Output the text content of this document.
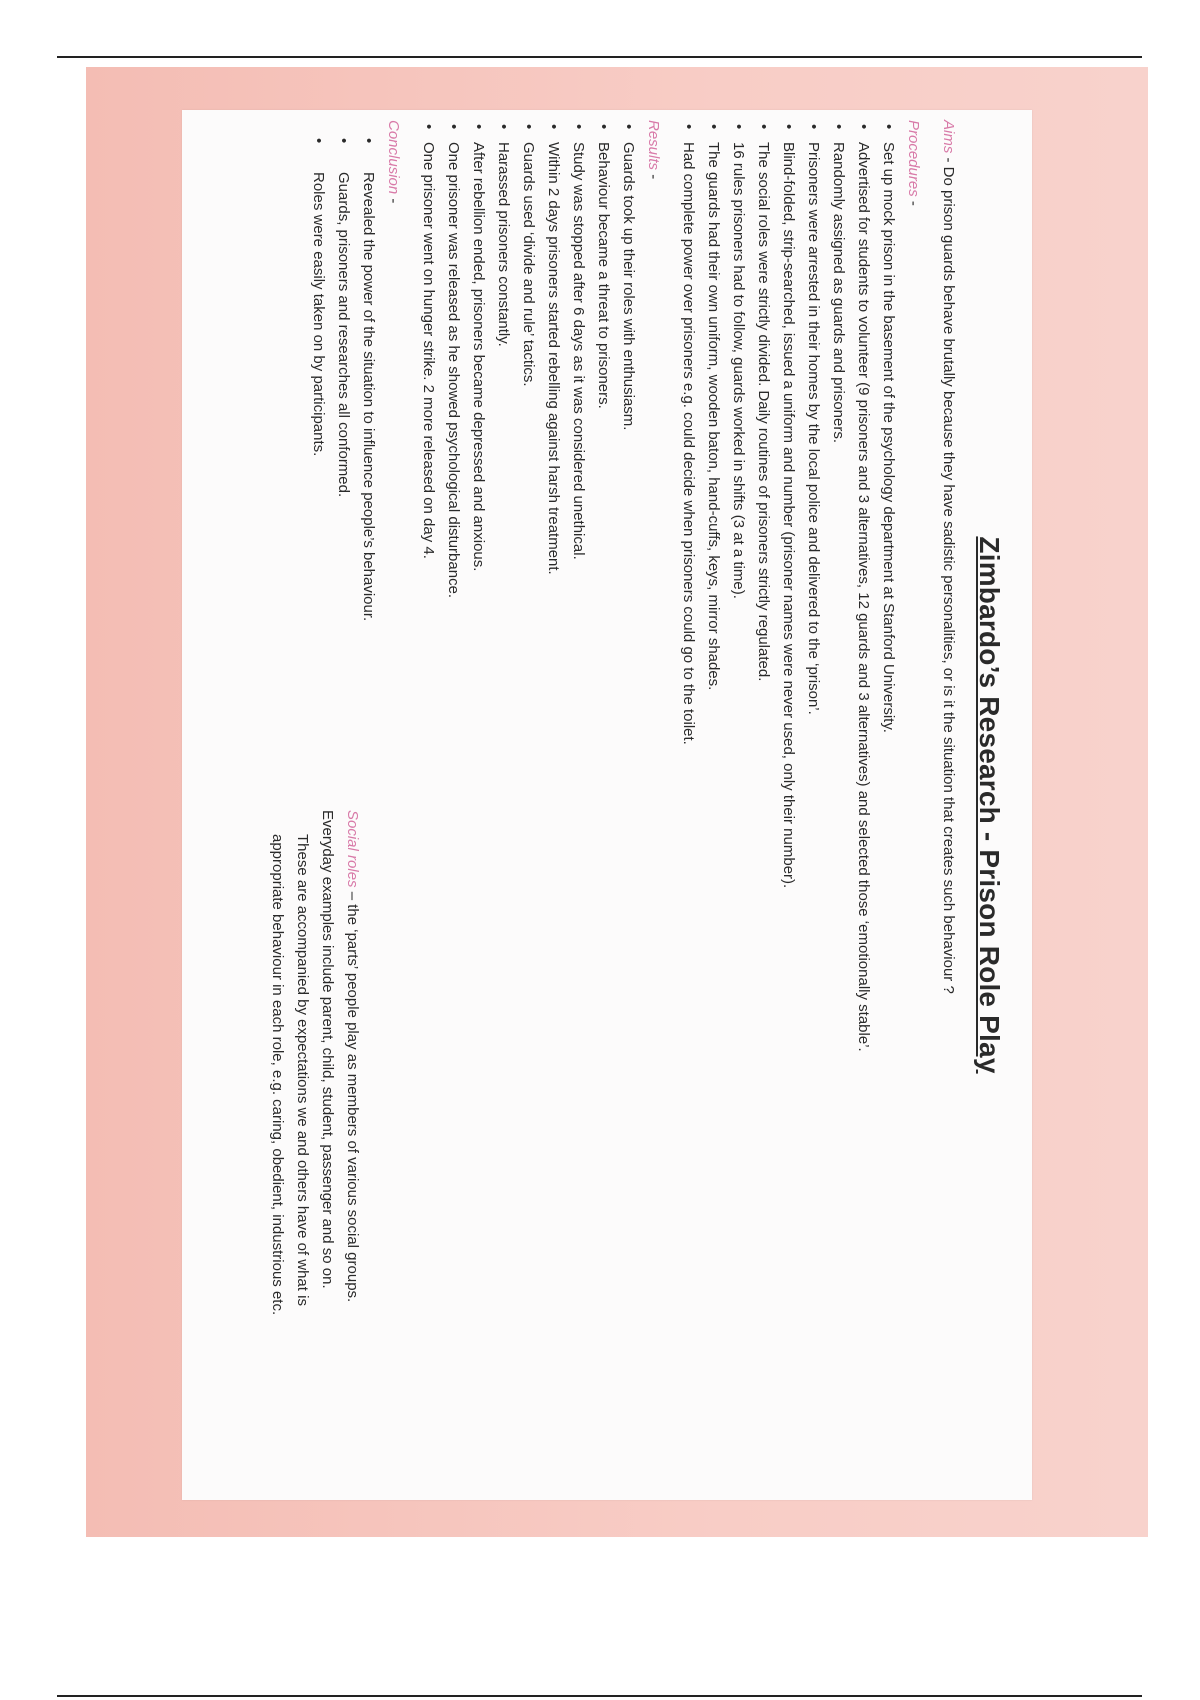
Zimbardo’s Research - Prison Role Play
Aims - Do prison guards behave brutally because they have sadistic personalities, or is it the situation that creates such behaviour ?
Procedures -
• Set up mock prison in the basement of the psychology department at Stanford University.
• Advertised for students to volunteer (9 prisoners and 3 alternatives, 12 guards and 3 alternatives) and selected those ‘emotionally stable’.
• Randomly assigned as guards and prisoners.
• Prisoners were arrested in their homes by the local police and delivered to the ‘prison’.
• Blind-folded, strip-searched, issued a uniform and number (prisoner names were never used, only their number).
• The social roles were strictly divided. Daily routines of prisoners strictly regulated.
• 16 rules prisoners had to follow, guards worked in shifts (3 at a time).
• The guards had their own uniform, wooden baton, hand-cuffs, keys, mirror shades.
• Had complete power over prisoners e.g. could decide when prisoners could go to the toilet.
Results -
• Guards took up their roles with enthusiasm.
• Behaviour became a threat to prisoners.
• Study was stopped after 6 days as it was considered unethical.
• Within 2 days prisoners started rebelling against harsh treatment.
• Guards used ‘divide and rule’ tactics.
• Harassed prisoners constantly.
• After rebellion ended, prisoners became depressed and anxious.
• One prisoner was released as he showed psychological disturbance.
• One prisoner went on hunger strike. 2 more released on day 4.
Conclusion -
• Revealed the power of the situation to influence people’s behaviour.
• Guards, prisoners and researches all conformed.
• Roles were easily taken on by participants.
Social roles – the ‘parts’ people play as members of various social groups.
Everyday examples include parent, child, student, passenger and so on.
These are accompanied by expectations we and others have of what is
appropriate behaviour in each role, e.g. caring, obedient, industrious etc.
